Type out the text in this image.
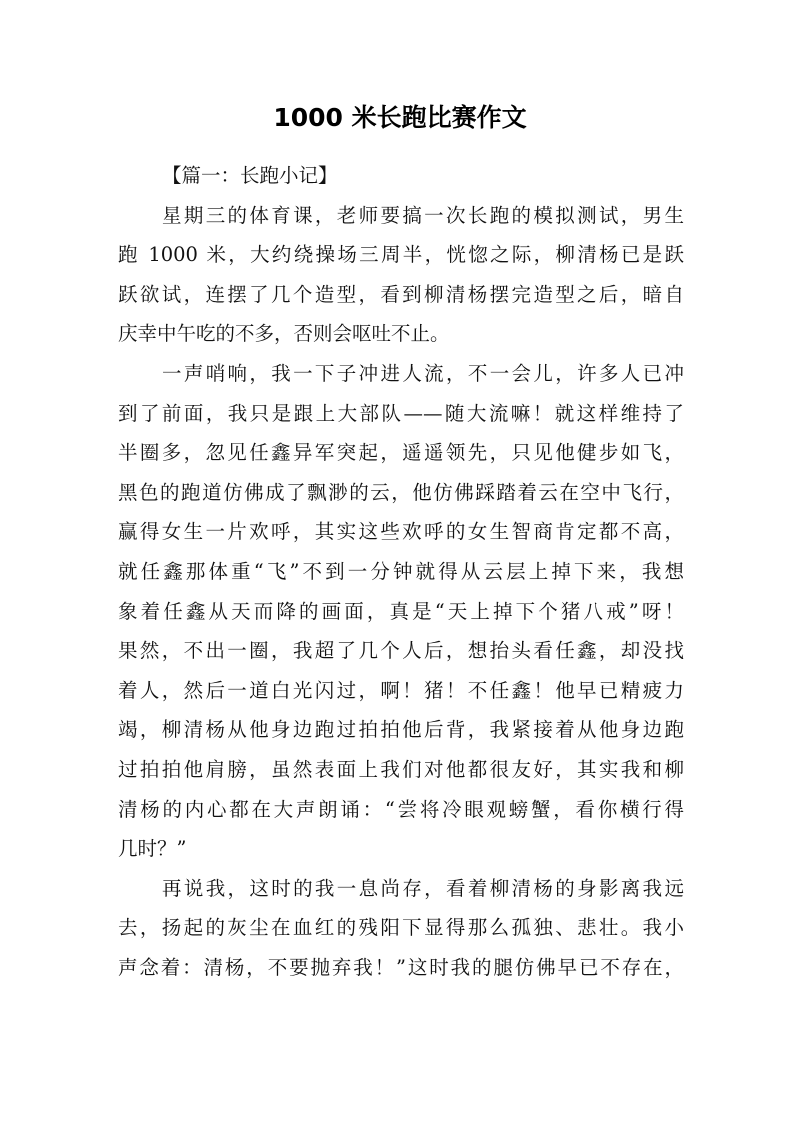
1000 米长跑比赛作文
【篇一：长跑小记】
星期三的体育课，老师要搞一次长跑的模拟测试，男生
跑 1000 米，大约绕操场三周半，恍惚之际，柳清杨已是跃
跃欲试，连摆了几个造型，看到柳清杨摆完造型之后，暗自
庆幸中午吃的不多，否则会呕吐不止。
一声哨响，我一下子冲进人流，不一会儿，许多人已冲
到了前面，我只是跟上大部队——随大流嘛！就这样维持了
半圈多，忽见任鑫异军突起，遥遥领先，只见他健步如飞，
黑色的跑道仿佛成了飘渺的云，他仿佛踩踏着云在空中飞行，
赢得女生一片欢呼，其实这些欢呼的女生智商肯定都不高，
就任鑫那体重“飞”不到一分钟就得从云层上掉下来，我想
象着任鑫从天而降的画面，真是“天上掉下个猪八戒”呀！
果然，不出一圈，我超了几个人后，想抬头看任鑫，却没找
着人，然后一道白光闪过，啊！猪！不任鑫！他早已精疲力
竭，柳清杨从他身边跑过拍拍他后背，我紧接着从他身边跑
过拍拍他肩膀，虽然表面上我们对他都很友好，其实我和柳
清杨的内心都在大声朗诵：“尝将冷眼观螃蟹，看你横行得
几时？”
再说我，这时的我一息尚存，看着柳清杨的身影离我远
去，扬起的灰尘在血红的残阳下显得那么孤独、悲壮。我小
声念着：清杨，不要抛弃我！”这时我的腿仿佛早已不存在，
